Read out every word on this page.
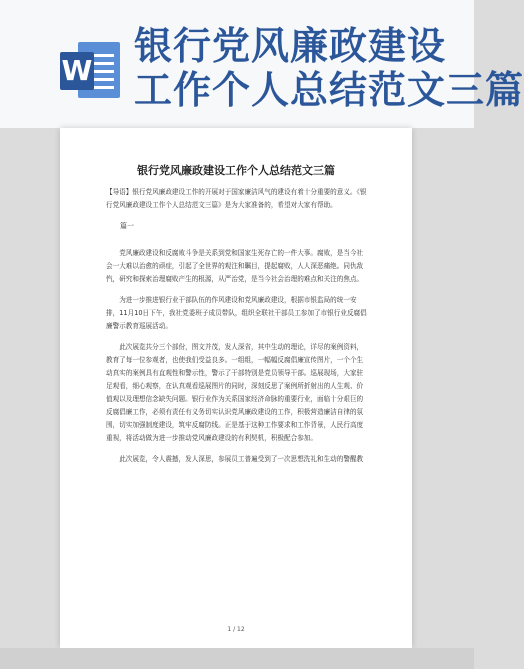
W
银行党风廉政建设
工作个人总结范文三篇
银行党风廉政建设工作个人总结范文三篇

【导语】银行党风廉政建设工作的开展对于国家廉洁风气的建设有着十分重要的意义。《银行党风廉政建设工作个人总结范文三篇》是为大家准备的，希望对大家有帮助。

篇一

党风廉政建设和反腐败斗争是关系到党和国家生死存亡的一件大事。腐败，是当今社会一大难以治愈的顽症，引起了全世界的观注和瞩目，提起腐败，人人深恶痛绝。同仇敌忾，研究和探索治理腐败产生的根源，从严治党，是当今社会治理的难点和关注的焦点。

为进一步推进银行业干部队伍的作风建设和党风廉政建设，根据市银监局的统一安排，11月10日下午，我社党委班子成员带队，组织全联社干部员工参加了市银行业反腐倡廉警示教育巡展活动。

此次展览共分三个部份，图文并茂，发人深省，其中生动的理论，详尽的案例资料，教育了每一位参观者，也使我们受益良多。一组组，一幅幅反腐倡廉宣传图片，一个个生动真实的案例具有直观性和警示性，警示了干部特别是党员领导干部。巡展现场，大家驻足观看，细心观察，在认真观看巡展图片的同时，深刻反思了案例所折射出的人生观、价值观以及理想信念缺失问题。银行业作为关系国家经济命脉的重要行业，面临十分艰巨的反腐倡廉工作，必须有责任有义务切实认识党风廉政建设的工作，积极营造廉洁自律的氛围，切实加强制度建设，筑牢反腐防线。正是基于这种工作要求和工作背景，人民行高度重视，将活动做为进一步推动党风廉政建设的有利契机，积极配合参加。

此次展览，令人震撼，发人深思，参展员工普遍受到了一次思想洗礼和生动的警醒教

1 / 12
